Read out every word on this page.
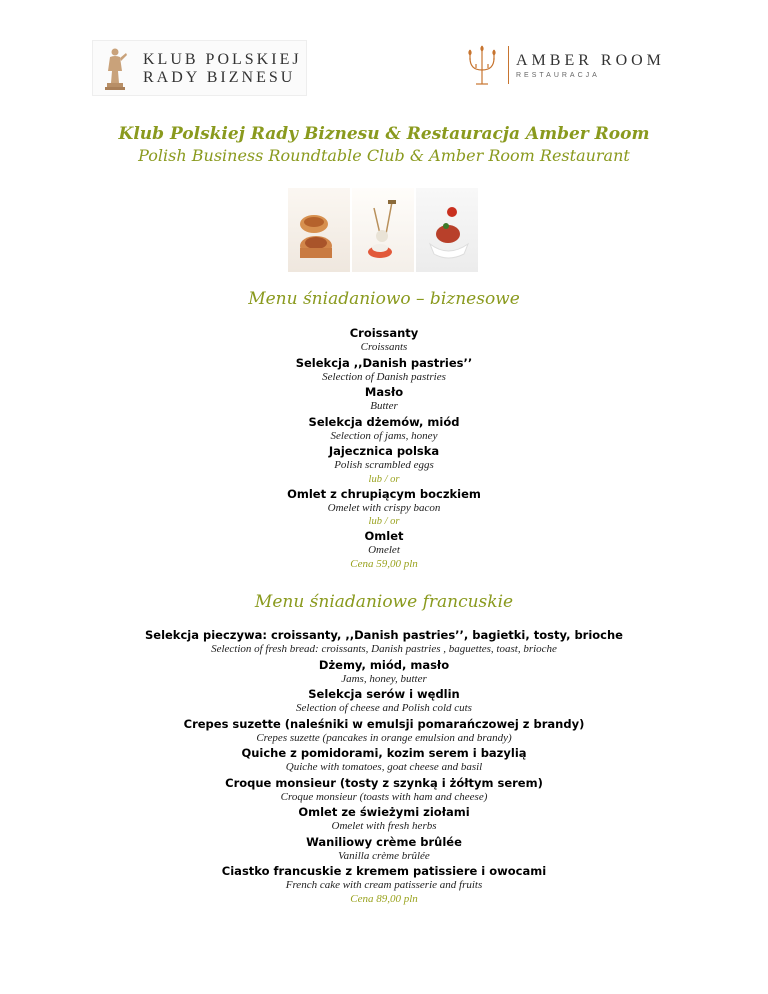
KLUB POLSKIEJ
RADY BIZNESU
AMBER ROOM
RESTAURACJA
Klub Polskiej Rady Biznesu & Restauracja Amber Room
Polish Business Roundtable Club & Amber Room Restaurant
Menu śniadaniowo – biznesowe
Croissanty
Croissants
Selekcja ,,Danish pastries’’
Selection of Danish pastries
Masło
Butter
Selekcja dżemów, miód
Selection of jams, honey
Jajecznica polska
Polish scrambled eggs
lub / or
Omlet z chrupiącym boczkiem
Omelet with crispy bacon
lub / or
Omlet
Omelet
Cena 59,00 pln
Menu śniadaniowe francuskie
Selekcja pieczywa: croissanty, ,,Danish pastries’’, bagietki, tosty, brioche
Selection of fresh bread: croissants, Danish pastries , baguettes, toast, brioche
Dżemy, miód, masło
Jams, honey, butter
Selekcja serów i wędlin
Selection of cheese and Polish cold cuts
Crepes suzette (naleśniki w emulsji pomarańczowej z brandy)
Crepes suzette (pancakes in orange emulsion and brandy)
Quiche z pomidorami, kozim serem i bazylią
Quiche with tomatoes, goat cheese and basil
Croque monsieur (tosty z szynką i żółtym serem)
Croque monsieur (toasts with ham and cheese)
Omlet ze świeżymi ziołami
Omelet with fresh herbs
Waniliowy crème brûlée
Vanilla crème brûlée
Ciastko francuskie z kremem patissiere i owocami
French cake with cream patisserie and fruits
Cena 89,00 pln
